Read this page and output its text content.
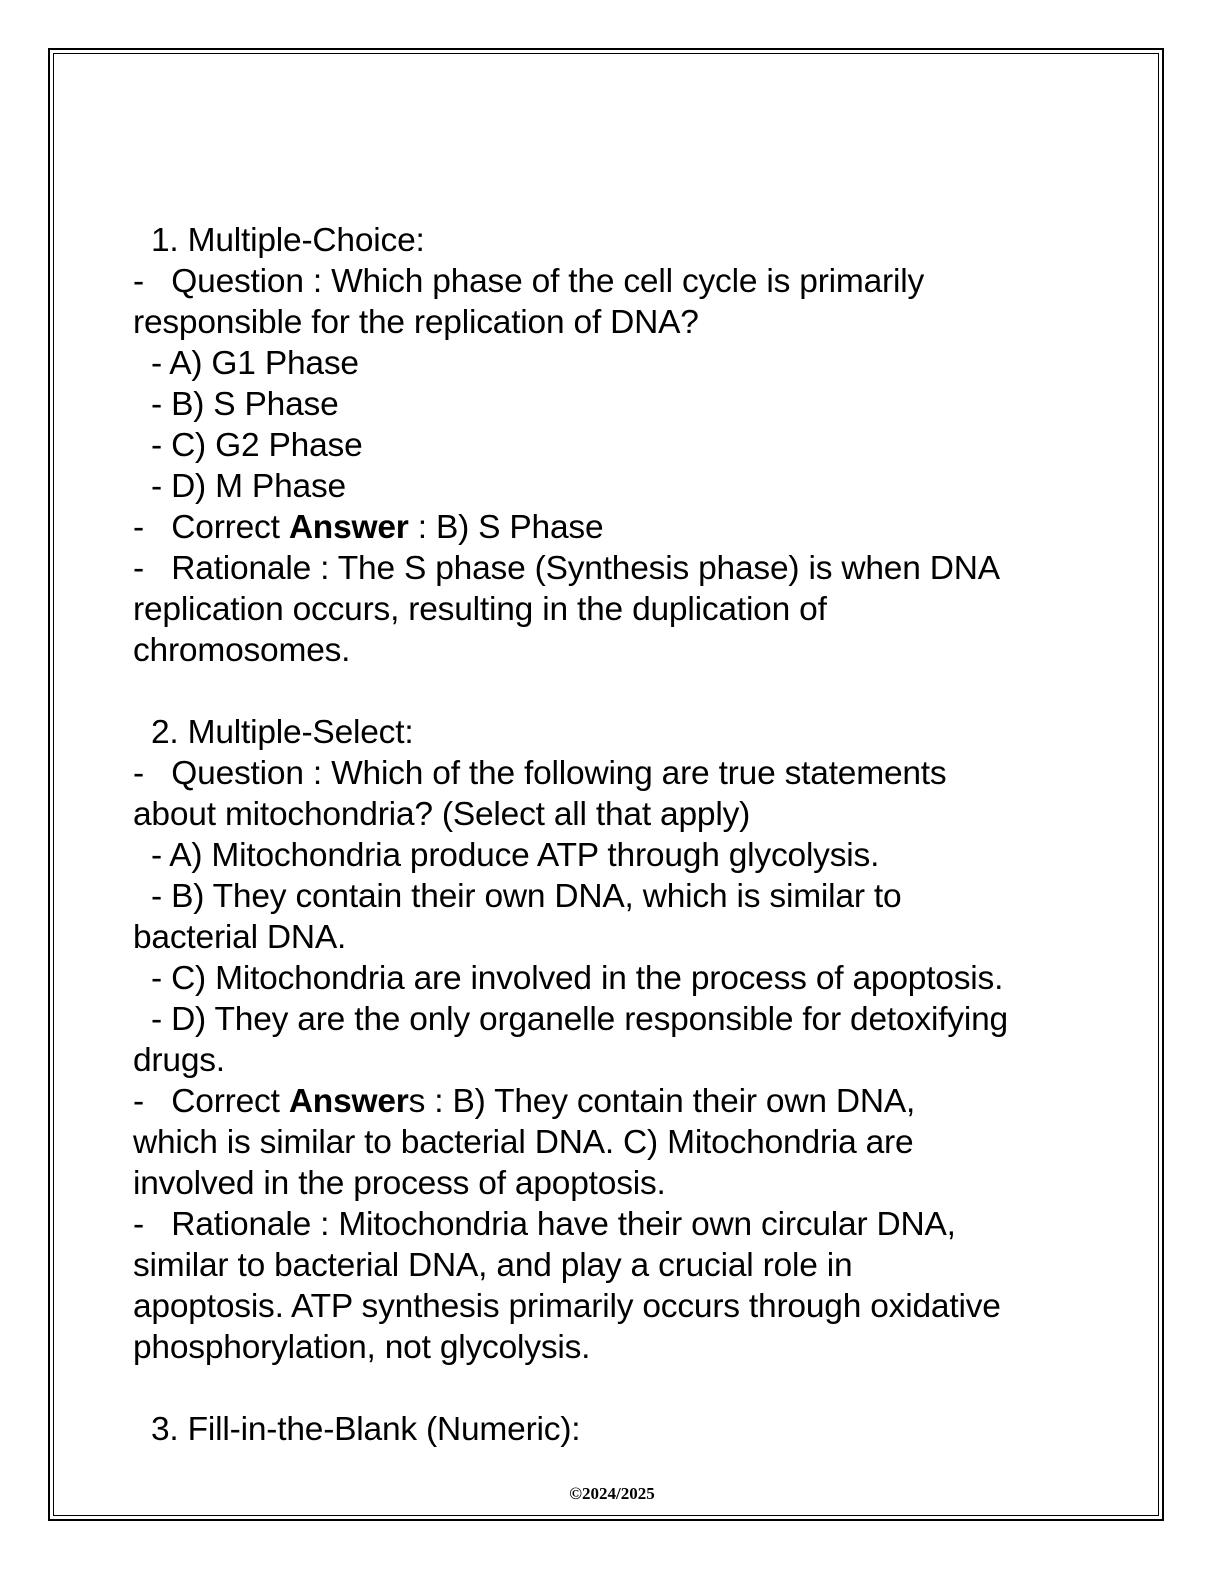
1. Multiple-Choice:
-   Question : Which phase of the cell cycle is primarily
responsible for the replication of DNA?
- A) G1 Phase
- B) S Phase
- C) G2 Phase
- D) M Phase
-   Correct Answer : B) S Phase
-   Rationale : The S phase (Synthesis phase) is when DNA
replication occurs, resulting in the duplication of
chromosomes.
2. Multiple-Select:
-   Question : Which of the following are true statements
about mitochondria? (Select all that apply)
- A) Mitochondria produce ATP through glycolysis.
- B) They contain their own DNA, which is similar to
bacterial DNA.
- C) Mitochondria are involved in the process of apoptosis.
- D) They are the only organelle responsible for detoxifying
drugs.
-   Correct Answers : B) They contain their own DNA,
which is similar to bacterial DNA. C) Mitochondria are
involved in the process of apoptosis.
-   Rationale : Mitochondria have their own circular DNA,
similar to bacterial DNA, and play a crucial role in
apoptosis. ATP synthesis primarily occurs through oxidative
phosphorylation, not glycolysis.
3. Fill-in-the-Blank (Numeric):
©2024/2025
